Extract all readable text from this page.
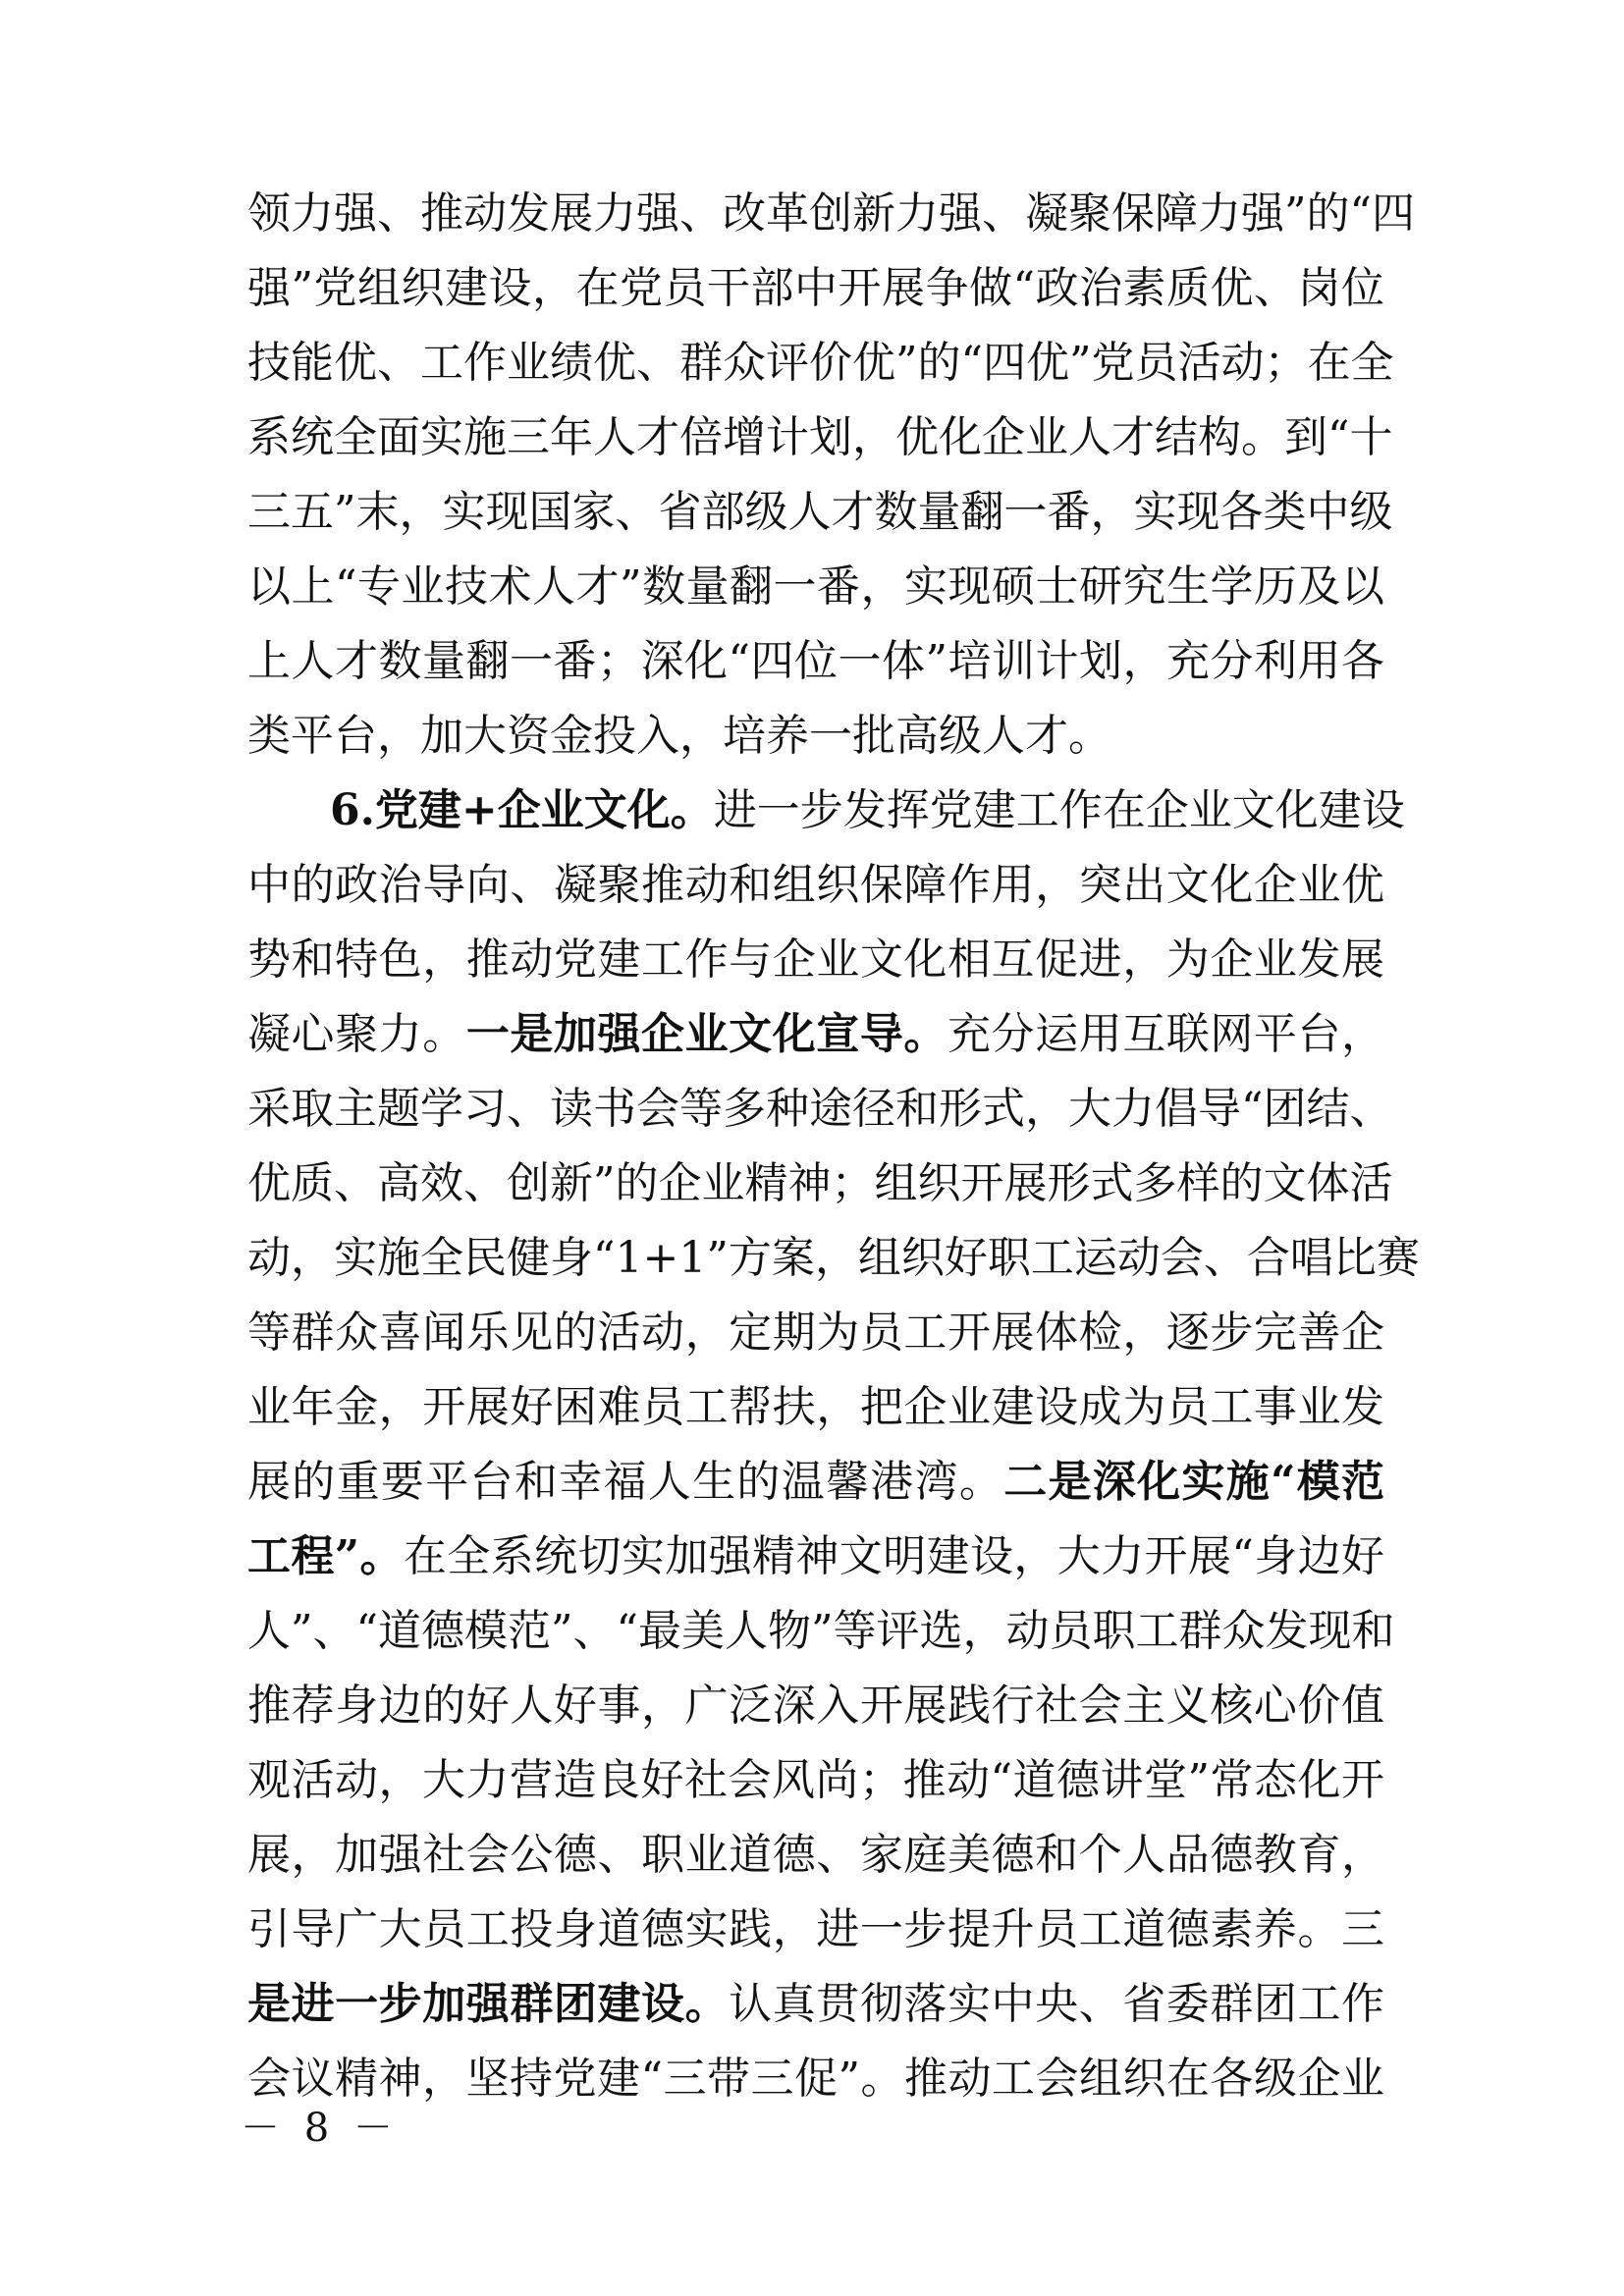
领力强、推动发展力强、改革创新力强、凝聚保障力强”的“四
强”党组织建设，在党员干部中开展争做“政治素质优、岗位
技能优、工作业绩优、群众评价优”的“四优”党员活动；在全
系统全面实施三年人才倍增计划，优化企业人才结构。到“十
三五”末，实现国家、省部级人才数量翻一番，实现各类中级
以上“专业技术人才”数量翻一番，实现硕士研究生学历及以
上人才数量翻一番；深化“四位一体”培训计划，充分利用各
类平台，加大资金投入，培养一批高级人才。
6.党建+企业文化。进一步发挥党建工作在企业文化建设
中的政治导向、凝聚推动和组织保障作用，突出文化企业优
势和特色，推动党建工作与企业文化相互促进，为企业发展
凝心聚力。一是加强企业文化宣导。充分运用互联网平台，
采取主题学习、读书会等多种途径和形式，大力倡导“团结、
优质、高效、创新”的企业精神；组织开展形式多样的文体活
动，实施全民健身“1+1”方案，组织好职工运动会、合唱比赛
等群众喜闻乐见的活动，定期为员工开展体检，逐步完善企
业年金，开展好困难员工帮扶，把企业建设成为员工事业发
展的重要平台和幸福人生的温馨港湾。二是深化实施“模范
工程”。在全系统切实加强精神文明建设，大力开展“身边好
人”、“道德模范”、“最美人物”等评选，动员职工群众发现和
推荐身边的好人好事，广泛深入开展践行社会主义核心价值
观活动，大力营造良好社会风尚；推动“道德讲堂”常态化开
展，加强社会公德、职业道德、家庭美德和个人品德教育，
引导广大员工投身道德实践，进一步提升员工道德素养。三
是进一步加强群团建设。认真贯彻落实中央、省委群团工作
会议精神，坚持党建“三带三促”。推动工会组织在各级企业
－ 8 －
